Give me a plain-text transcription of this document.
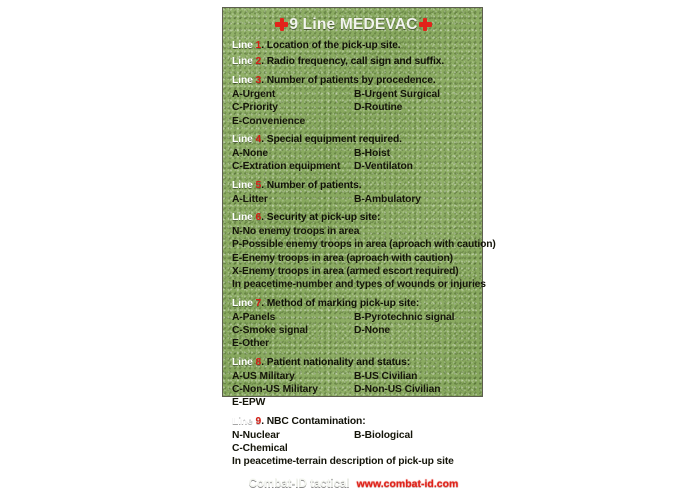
9 Line MEDEVAC
Line 1. Location of the pick-up site.
Line 2. Radio frequency, call sign and suffix.
Line 3. Number of patients by procedence.
A-Urgent	B-Urgent Surgical
C-Priority	D-Routine
E-Convenience
Line 4. Special equipment required.
A-None	B-Hoist
C-Extration equipment	D-Ventilaton
Line 5. Number of patients.
A-Litter	B-Ambulatory
Line 6. Security at pick-up site:
N-No enemy troops in area
P-Possible enemy troops in area (aproach with caution)
E-Enemy troops in area (aproach with caution)
X-Enemy troops in area (armed escort required)
In peacetime-number and types of wounds or injuries
Line 7. Method of marking pick-up site:
A-Panels	B-Pyrotechnic signal
C-Smoke signal	D-None
E-Other
Line 8. Patient nationality and status:
A-US Military	B-US Civilian
C-Non-US Military	D-Non-US Civilian
E-EPW
Line 9. NBC Contamination:
N-Nuclear	B-Biological
C-Chemical
In peacetime-terrain description of pick-up site
Combat-ID tactical www.combat-id.com
